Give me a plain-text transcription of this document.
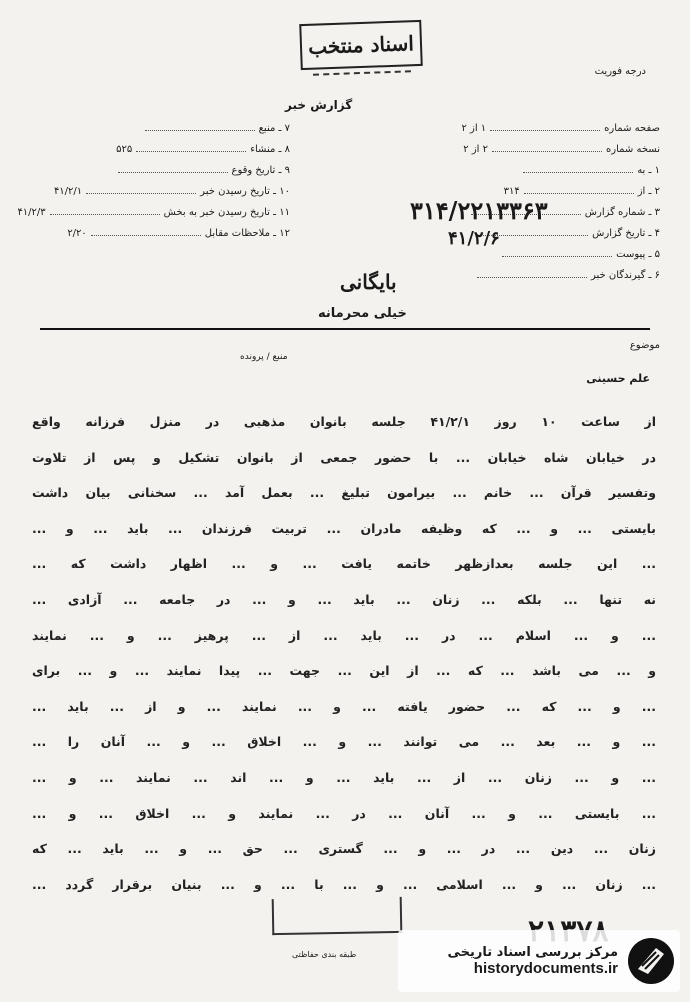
اسناد منتخب
درجه فوریت
گزارش خبر
صفحه شماره۱ از ۲
نسخه شماره۲ از ۲
۱ ـ به
۲ ـ از۳۱۴
۳ ـ شماره گزارش
۴ ـ تاریخ گزارش
۵ ـ پیوست
۶ ـ گیرندگان خبر
۷ ـ منبع
۸ ـ منشاء۵۲۵
۹ ـ تاریخ وقوع
۱۰ ـ تاریخ رسیدن خبر۴۱/۲/۱
۱۱ ـ تاریخ رسیدن خبر به بخش۴۱/۲/۳
۱۲ ـ ملاحظات مقابل۲/۲۰
۳۱۴/۲۲۱۳۳۶۳
۴۱/۲/۶
بایگانی
خیلی محرمانه
موضوع
منبع / پرونده
علم حسینی
از ساعت ۱۰ روز ۴۱/۲/۱ جلسه بانوان مذهبی در منزل فرزانه واقع
در خیابان شاه خیابان ... با حضور جمعی از بانوان تشکیل و پس از تلاوت
وتفسیر قرآن ... خانم ... بیرامون تبلیغ ... بعمل آمد ... سخنانی بیان داشت
بایستی ... و ... که وظیفه مادران ... تربیت فرزندان ... باید ... و ...
... این جلسه بعدازظهر خاتمه یافت ... و ... اظهار داشت که ...
نه تنها ... بلکه ... زنان ... باید ... و ... در جامعه ... آزادی ...
... و ... اسلام ... در ... باید ... از ... پرهیز ... و ... نمایند
و ... می باشد ... که ... از این ... جهت ... پیدا نمایند ... و ... برای
... و ... که ... حضور یافته ... و ... نمایند ... و از ... باید ...
... و ... بعد ... می توانند ... و ... اخلاق ... و ... آنان را ...
... و ... زنان ... از ... باید ... و ... اند ... نمایند ... و ...
... بایستی ... و ... آنان ... در ... نمایند و ... اخلاق ... و ...
زنان ... دین ... در ... و ... گستری ... حق ... و ... باید ... که
... زنان ... و ... اسلامی ... و ... با ... و ... بنیان برقرار گردد ...
طبقه بندی حفاظتی	مرکز بررسی اسناد تاریخی
historydocuments.ir
